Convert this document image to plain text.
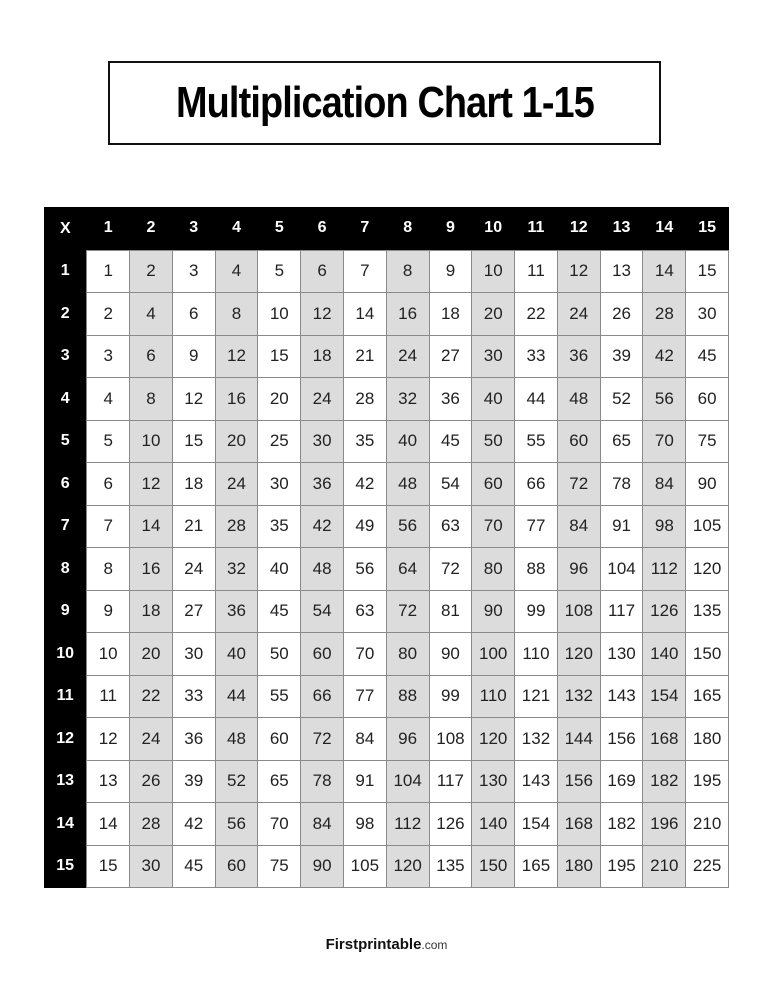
Multiplication Chart 1-15
X	1	2	3	4	5	6	7	8	9	10	11	12	13	14	15
1	1	2	3	4	5	6	7	8	9	10	11	12	13	14	15
2	2	4	6	8	10	12	14	16	18	20	22	24	26	28	30
3	3	6	9	12	15	18	21	24	27	30	33	36	39	42	45
4	4	8	12	16	20	24	28	32	36	40	44	48	52	56	60
5	5	10	15	20	25	30	35	40	45	50	55	60	65	70	75
6	6	12	18	24	30	36	42	48	54	60	66	72	78	84	90
7	7	14	21	28	35	42	49	56	63	70	77	84	91	98	105
8	8	16	24	32	40	48	56	64	72	80	88	96	104	112	120
9	9	18	27	36	45	54	63	72	81	90	99	108	117	126	135
10	10	20	30	40	50	60	70	80	90	100	110	120	130	140	150
11	11	22	33	44	55	66	77	88	99	110	121	132	143	154	165
12	12	24	36	48	60	72	84	96	108	120	132	144	156	168	180
13	13	26	39	52	65	78	91	104	117	130	143	156	169	182	195
14	14	28	42	56	70	84	98	112	126	140	154	168	182	196	210
15	15	30	45	60	75	90	105	120	135	150	165	180	195	210	225
Firstprintable.com
